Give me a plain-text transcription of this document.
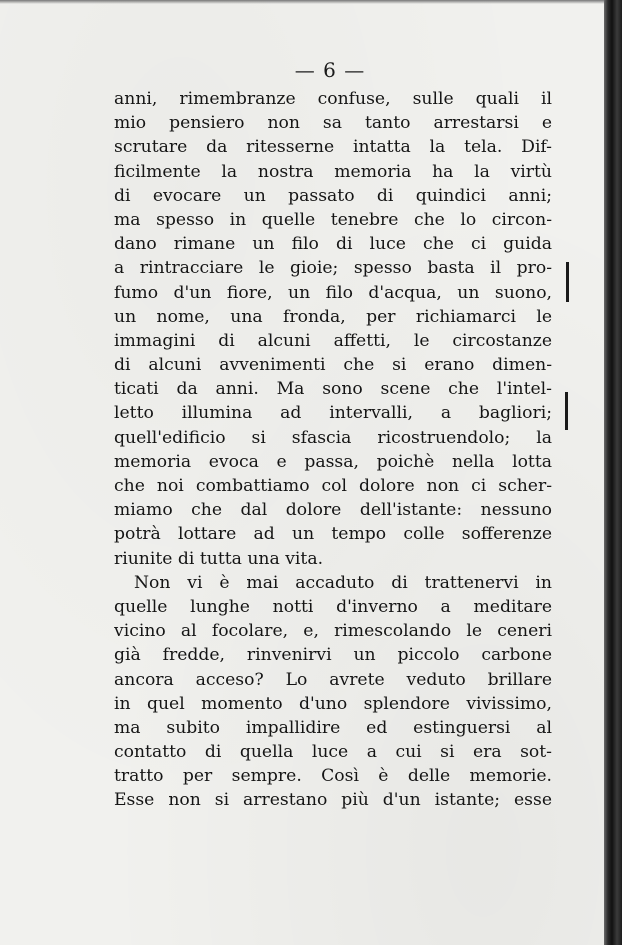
— 6 —
anni, rimembranze confuse, sulle quali il
mio pensiero non sa tanto arrestarsi e
scrutare da ritesserne intatta la tela. Dif-
ficilmente la nostra memoria ha la virtù
di evocare un passato di quindici anni;
ma spesso in quelle tenebre che lo circon-
dano rimane un filo di luce che ci guida
a rintracciare le gioie; spesso basta il pro-
fumo d'un fiore, un filo d'acqua, un suono,
un nome, una fronda, per richiamarci le
immagini di alcuni affetti, le circostanze
di alcuni avvenimenti che si erano dimen-
ticati da anni. Ma sono scene che l'intel-
letto illumina ad intervalli, a bagliori;
quell'edificio si sfascia ricostruendolo; la
memoria evoca e passa, poichè nella lotta
che noi combattiamo col dolore non ci scher-
miamo che dal dolore dell'istante: nessuno
potrà lottare ad un tempo colle sofferenze
riunite di tutta una vita.
Non vi è mai accaduto di trattenervi in
quelle lunghe notti d'inverno a meditare
vicino al focolare, e, rimescolando le ceneri
già fredde, rinvenirvi un piccolo carbone
ancora acceso? Lo avrete veduto brillare
in quel momento d'uno splendore vivissimo,
ma subito impallidire ed estinguersi al
contatto di quella luce a cui si era sot-
tratto per sempre. Così è delle memorie.
Esse non si arrestano più d'un istante; esse
